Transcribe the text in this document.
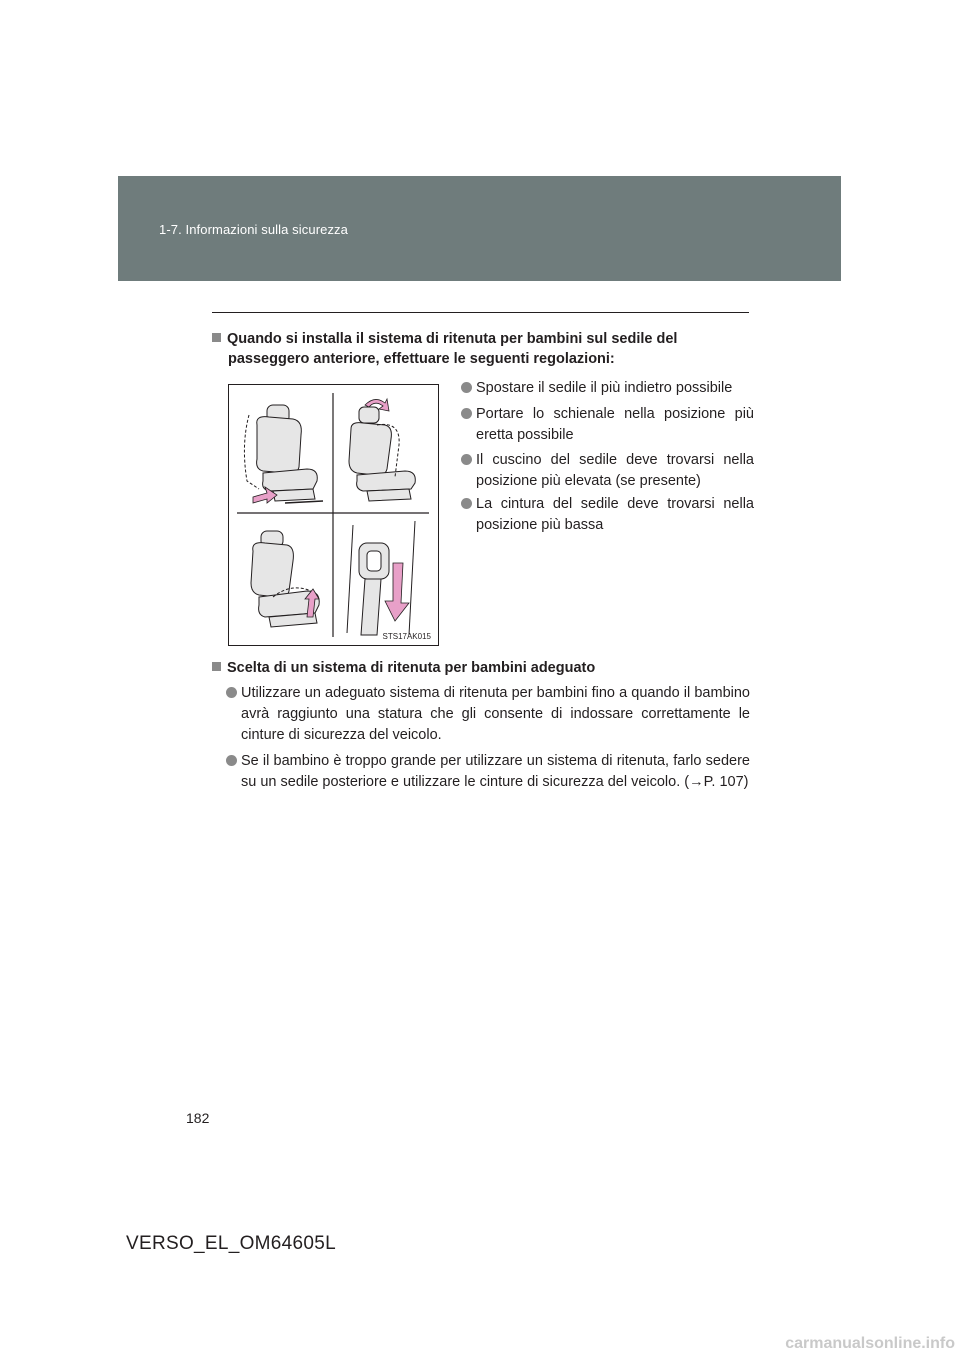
1-7. Informazioni sulla sicurezza
Quando si installa il sistema di ritenuta per bambini sul sedile del
passeggero anteriore, effettuare le seguenti regolazioni:
STS17AK015
Spostare il sedile il più indietro possibile
Portare lo schienale nella posizione più eretta possibile
Il cuscino del sedile deve trovarsi nella posizione più elevata (se presente)
La cintura del sedile deve trovarsi nella posizione più bassa
Scelta di un sistema di ritenuta per bambini adeguato
Utilizzare un adeguato sistema di ritenuta per bambini fino a quando il bambino avrà raggiunto una statura che gli consente di indossare correttamente le cinture di sicurezza del veicolo.
Se il bambino è troppo grande per utilizzare un sistema di ritenuta, farlo sedere su un sedile posteriore e utilizzare le cinture di sicurezza del veicolo. (→P. 107)
182
VERSO_EL_OM64605L
carmanualsonline.info
